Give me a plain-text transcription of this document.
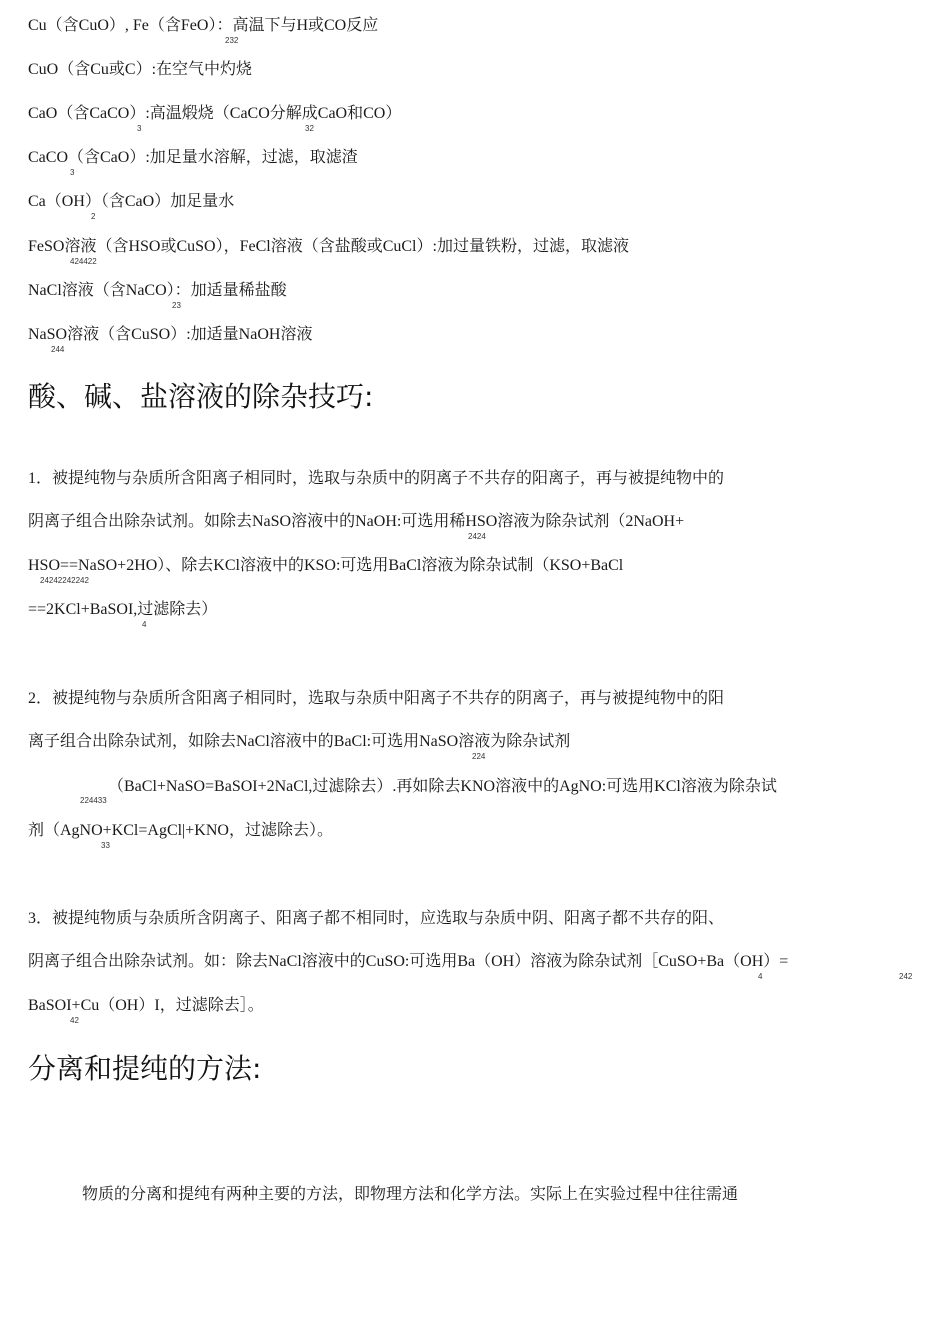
Cu（含CuO）, Fe（含FeO）：高温下与H或CO反应
232
CuO（含Cu或C）:在空气中灼烧
CaO（含CaCO）:高温煅烧（CaCO分解成CaO和CO）
3	32
CaCO（含CaO）:加足量水溶解，过滤，取滤渣
3
Ca（OH）（含CaO）加足量水
2
FeSO溶液（含HSO或CuSO），FeCl溶液（含盐酸或CuCl）:加过量铁粉，过滤，取滤液
424422
NaCl溶液（含NaCO）：加适量稀盐酸
23
NaSO溶液（含CuSO）:加适量NaOH溶液
244
酸、碱、盐溶液的除杂技巧:
1．被提纯物与杂质所含阳离子相同时，选取与杂质中的阴离子不共存的阳离子，再与被提纯物中的
阴离子组合出除杂试剂。如除去NaSO溶液中的NaOH:可选用稀HSO溶液为除杂试剂（2NaOH+
2424
HSO==NaSO+2HO）、除去KCl溶液中的KSO:可选用BaCl溶液为除杂试制（KSO+BaCl
24242242242
==2KCl+BaSOI,过滤除去）
4
2．被提纯物与杂质所含阳离子相同时，选取与杂质中阳离子不共存的阴离子，再与被提纯物中的阳
离子组合出除杂试剂，如除去NaCl溶液中的BaCl:可选用NaSO溶液为除杂试剂
224
（BaCl+NaSO=BaSOI+2NaCl,过滤除去）.再如除去KNO溶液中的AgNO:可选用KCl溶液为除杂试
224433
剂（AgNO+KCl=AgCl|+KNO，过滤除去）。
33
3．被提纯物质与杂质所含阴离子、阳离子都不相同时，应选取与杂质中阴、阳离子都不共存的阳、
阴离子组合出除杂试剂。如：除去NaCl溶液中的CuSO:可选用Ba（OH）溶液为除杂试剂［CuSO+Ba（OH）=
4	242
BaSOI+Cu（OH）I，过滤除去］。
42
分离和提纯的方法:
物质的分离和提纯有两种主要的方法，即物理方法和化学方法。实际上在实验过程中往往需通
